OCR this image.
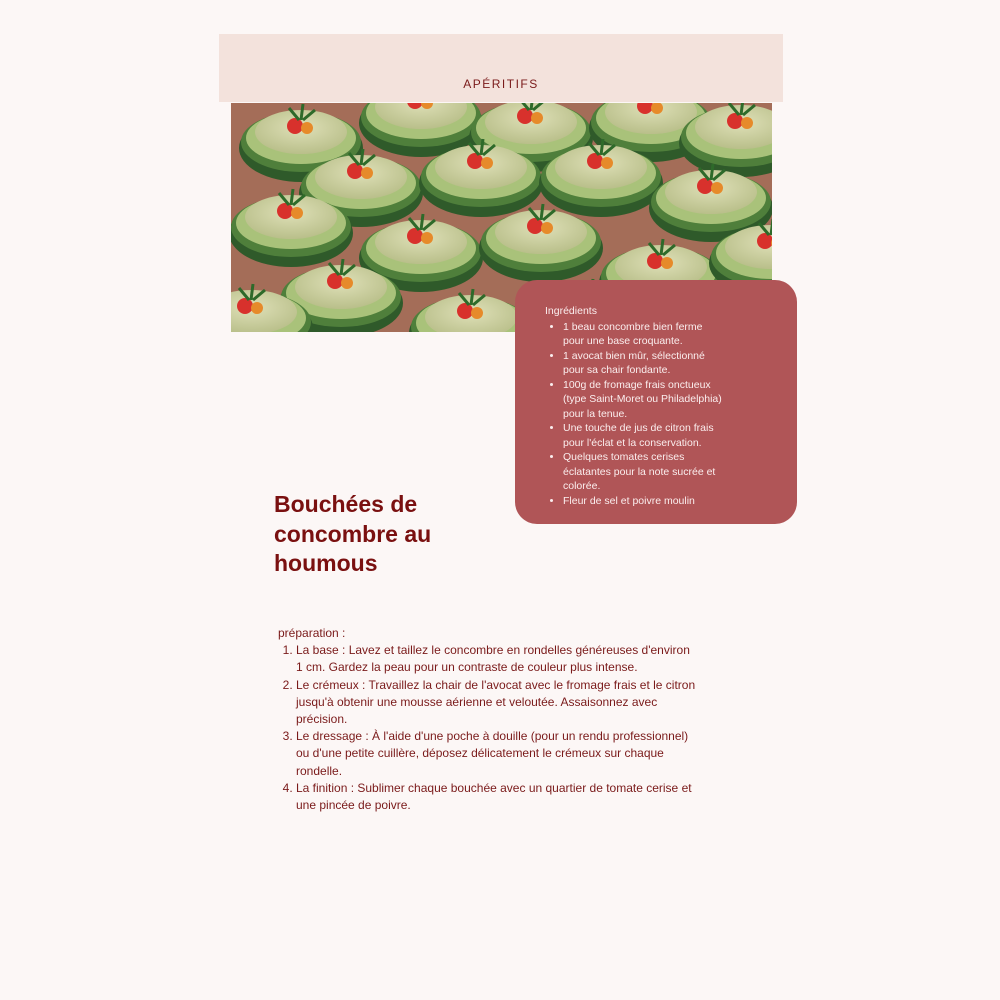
APÉRITIFS
Ingrédients
• 1 beau concombre bien ferme pour une base croquante.
• 1 avocat bien mûr, sélectionné pour sa chair fondante.
• 100g de fromage frais onctueux (type Saint-Moret ou Philadelphia) pour la tenue.
• Une touche de jus de citron frais pour l'éclat et la conservation.
• Quelques tomates cerises éclatantes pour la note sucrée et colorée.
• Fleur de sel et poivre moulin
Bouchées de concombre au houmous
préparation :
1. La base : Lavez et taillez le concombre en rondelles généreuses d'environ 1 cm. Gardez la peau pour un contraste de couleur plus intense.
2. Le crémeux : Travaillez la chair de l'avocat avec le fromage frais et le citron jusqu'à obtenir une mousse aérienne et veloutée. Assaisonnez avec précision.
3. Le dressage : À l'aide d'une poche à douille (pour un rendu professionnel) ou d'une petite cuillère, déposez délicatement le crémeux sur chaque rondelle.
4. La finition : Sublimer chaque bouchée avec un quartier de tomate cerise et une pincée de poivre.
